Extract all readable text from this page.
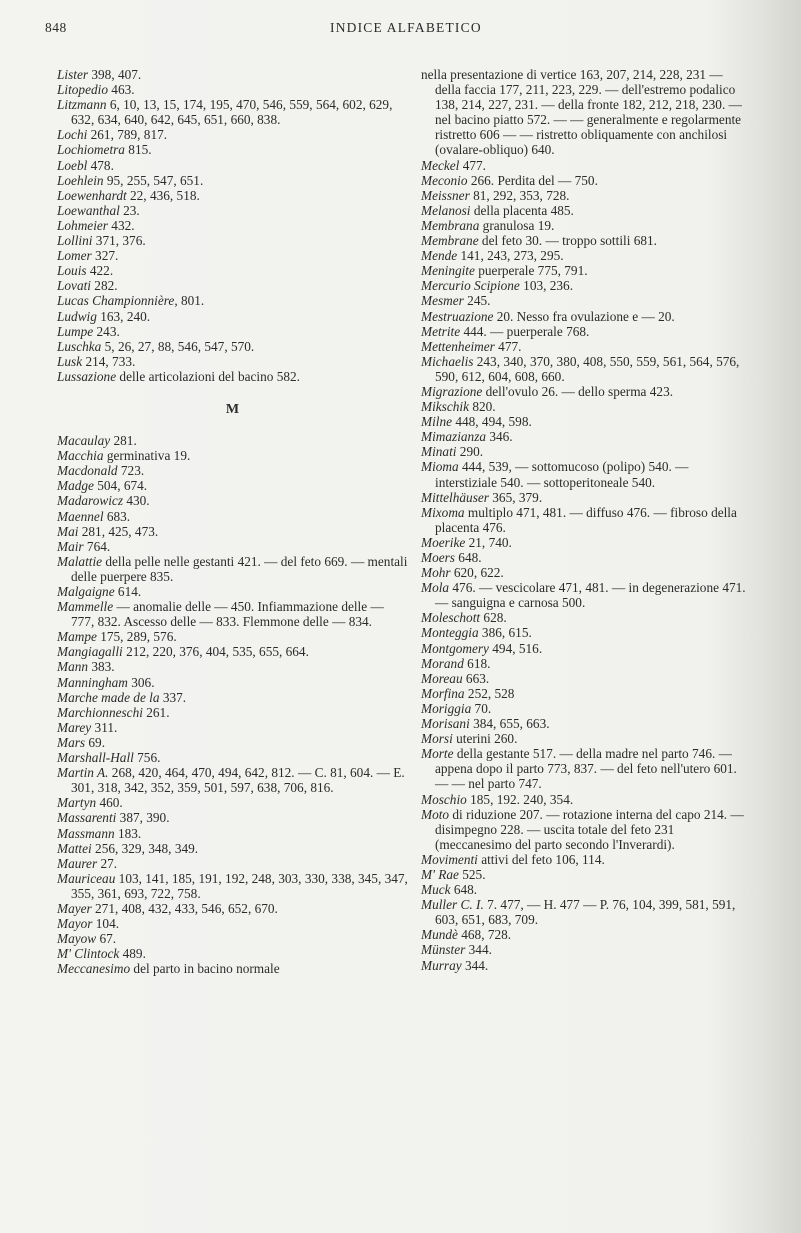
848	INDICE ALFABETICO

Lister 398, 407.

Litopedio 463.

Litzmann 6, 10, 13, 15, 174, 195, 470, 546, 559, 564, 602, 629, 632, 634, 640, 642, 645, 651, 660, 838.

Lochi 261, 789, 817.

Lochiometra 815.

Loebl 478.

Loehlein 95, 255, 547, 651.

Loewenhardt 22, 436, 518.

Loewanthal 23.

Lohmeier 432.

Lollini 371, 376.

Lomer 327.

Louis 422.

Lovati 282.

Lucas Championnière, 801.

Ludwig 163, 240.

Lumpe 243.

Luschka 5, 26, 27, 88, 546, 547, 570.

Lusk 214, 733.

Lussazione delle articolazioni del bacino 582.

M

Macaulay 281.

Macchia germinativa 19.

Macdonald 723.

Madge 504, 674.

Madarowicz 430.

Maennel 683.

Mai 281, 425, 473.

Mair 764.

Malattie della pelle nelle gestanti 421. — del feto 669. — mentali delle puerpere 835.

Malgaigne 614.

Mammelle — anomalie delle — 450. Infiammazione delle — 777, 832. Ascesso delle — 833. Flemmone delle — 834.

Mampe 175, 289, 576.

Mangiagalli 212, 220, 376, 404, 535, 655, 664.

Mann 383.

Manningham 306.

Marche made de la 337.

Marchionneschi 261.

Marey 311.

Mars 69.

Marshall-Hall 756.

Martin A. 268, 420, 464, 470, 494, 642, 812. — C. 81, 604. — E. 301, 318, 342, 352, 359, 501, 597, 638, 706, 816.

Martyn 460.

Massarenti 387, 390.

Massmann 183.

Mattei 256, 329, 348, 349.

Maurer 27.

Mauriceau 103, 141, 185, 191, 192, 248, 303, 330, 338, 345, 347, 355, 361, 693, 722, 758.

Mayer 271, 408, 432, 433, 546, 652, 670.

Mayor 104.

Mayow 67.

M' Clintock 489.

Meccanesimo del parto in bacino normale

nella presentazione di vertice 163, 207, 214, 228, 231 — della faccia 177, 211, 223, 229. — dell'estremo podalico 138, 214, 227, 231. — della fronte 182, 212, 218, 230. — nel bacino piatto 572. — — generalmente e regolarmente ristretto 606 — — ristretto obliquamente con anchilosi (ovalare-obliquo) 640.

Meckel 477.

Meconio 266. Perdita del — 750.

Meissner 81, 292, 353, 728.

Melanosi della placenta 485.

Membrana granulosa 19.

Membrane del feto 30. — troppo sottili 681.

Mende 141, 243, 273, 295.

Meningite puerperale 775, 791.

Mercurio Scipione 103, 236.

Mesmer 245.

Mestruazione 20. Nesso fra ovulazione e — 20.

Metrite 444. — puerperale 768.

Mettenheimer 477.

Michaelis 243, 340, 370, 380, 408, 550, 559, 561, 564, 576, 590, 612, 604, 608, 660.

Migrazione dell'ovulo 26. — dello sperma 423.

Mikschik 820.

Milne 448, 494, 598.

Mimazianza 346.

Minati 290.

Mioma 444, 539, — sottomucoso (polipo) 540. — interstiziale 540. — sottoperitoneale 540.

Mittelhäuser 365, 379.

Mixoma multiplo 471, 481. — diffuso 476. — fibroso della placenta 476.

Moerike 21, 740.

Moers 648.

Mohr 620, 622.

Mola 476. — vescicolare 471, 481. — in degenerazione 471. — sanguigna e carnosa 500.

Moleschott 628.

Monteggia 386, 615.

Montgomery 494, 516.

Morand 618.

Moreau 663.

Morfina 252, 528

Moriggia 70.

Morisani 384, 655, 663.

Morsi uterini 260.

Morte della gestante 517. — della madre nel parto 746. — appena dopo il parto 773, 837. — del feto nell'utero 601. — — nel parto 747.

Moschio 185, 192. 240, 354.

Moto di riduzione 207. — rotazione interna del capo 214. — disimpegno 228. — uscita totale del feto 231 (meccanesimo del parto secondo l'Inverardi).

Movimenti attivi del feto 106, 114.

M' Rae 525.

Muck 648.

Muller C. I. 7. 477, — H. 477 — P. 76, 104, 399, 581, 591, 603, 651, 683, 709.

Mundè 468, 728.

Münster 344.

Murray 344.
